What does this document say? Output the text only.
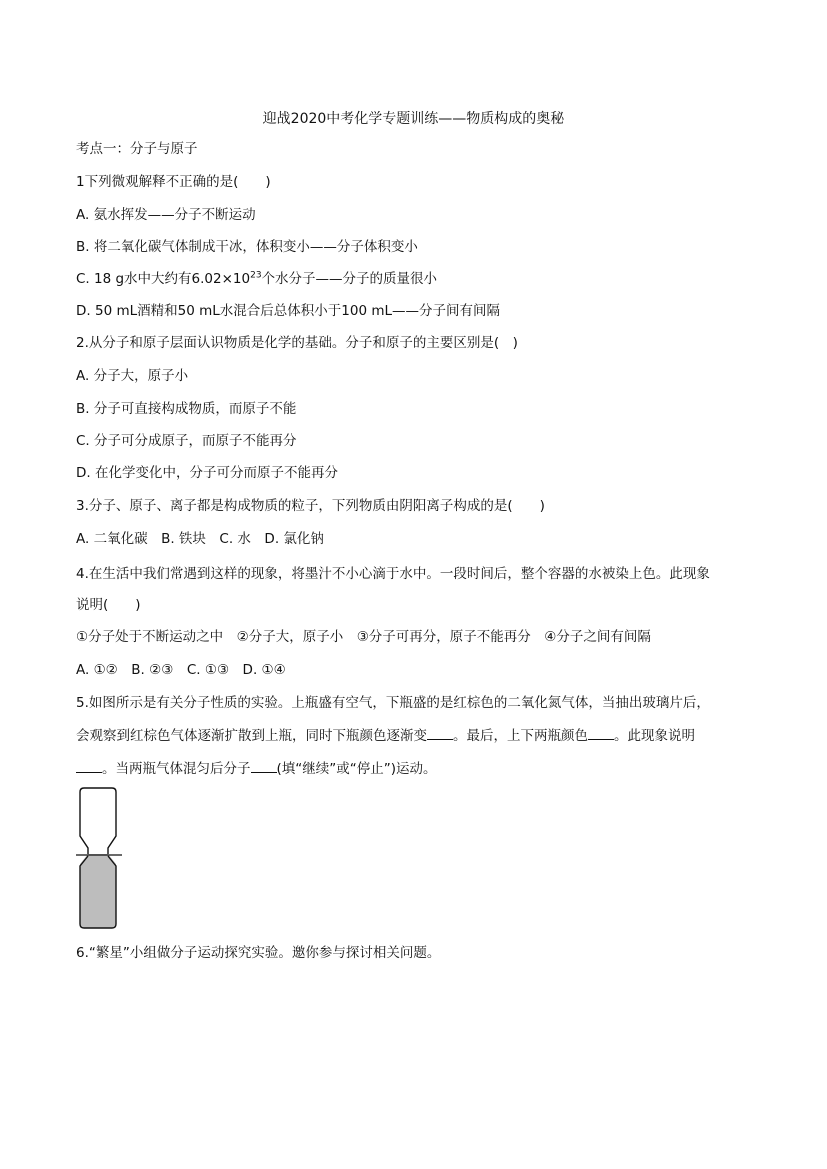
迎战2020中考化学专题训练——物质构成的奥秘
考点一：分子与原子
1下列微观解释不正确的是(　　)
A. 氨水挥发——分子不断运动
B. 将二氧化碳气体制成干冰，体积变小——分子体积变小
C. 18 g水中大约有$6.02\times 10^{23}$个水分子——分子的质量很小
D. 50 mL酒精和50 mL水混合后总体积小于100 mL——分子间有间隔
2.从分子和原子层面认识物质是化学的基础。分子和原子的主要区别是(　)
A. 分子大，原子小
B. 分子可直接构成物质，而原子不能
C. 分子可分成原子，而原子不能再分
D. 在化学变化中，分子可分而原子不能再分
3.分子、原子、离子都是构成物质的粒子，下列物质由阴阳离子构成的是(　　)
A. 二氧化碳　B. 铁块　C. 水　D. 氯化钠
4.在生活中我们常遇到这样的现象，将墨汁不小心滴于水中。一段时间后，整个容器的水被染上色。此现象
说明(　　)
①分子处于不断运动之中　②分子大，原子小　③分子可再分，原子不能再分　④分子之间有间隔
A. ①②　B. ②③　C. ①③　D. ①④
5.如图所示是有关分子性质的实验。上瓶盛有空气，下瓶盛的是红棕色的二氧化氮气体，当抽出玻璃片后，
会观察到红棕色气体逐渐扩散到上瓶，同时下瓶颜色逐渐变 。最后，上下两瓶颜色 。此现象说明
。当两瓶气体混匀后分子 (填“继续”或“停止”)运动。
6.“繁星”小组做分子运动探究实验。邀你参与探讨相关问题。
